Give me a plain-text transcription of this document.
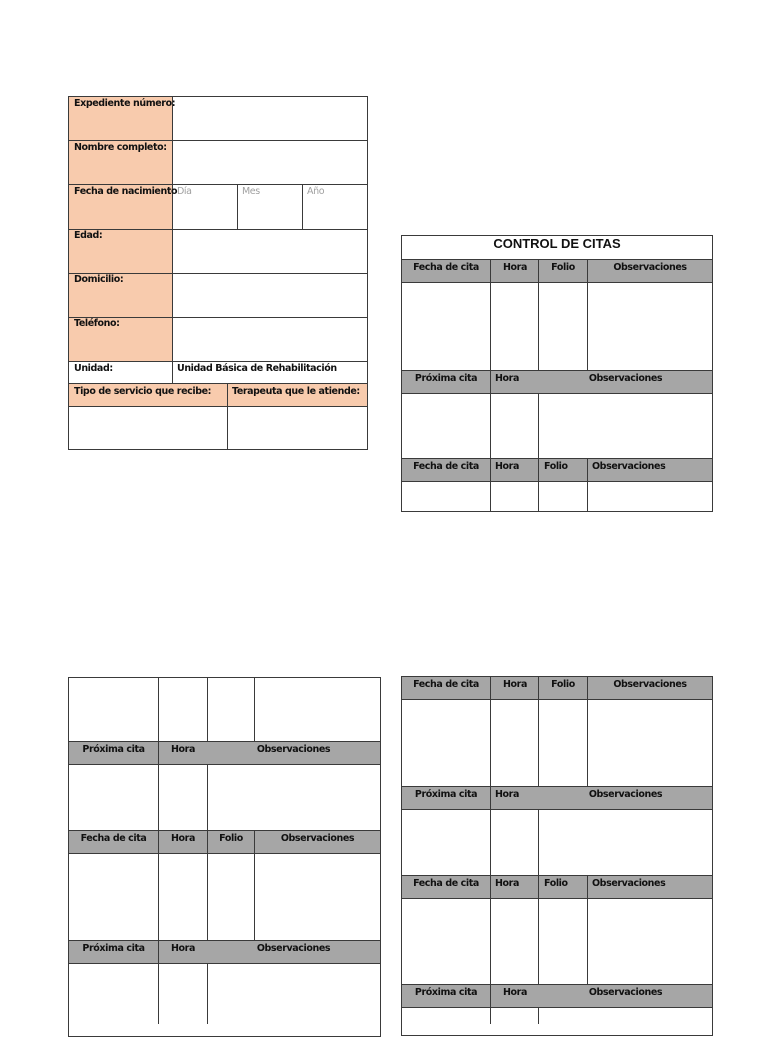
Expediente número:
Nombre completo:
Fecha de nacimiento Día	Mes	Año
Edad:
Domicilio:
Teléfono:
Unidad:	Unidad Básica de Rehabilitación
Tipo de servicio que recibe: Terapeuta que le atiende:
CONTROL DE CITAS
Fecha de cita	Hora	Folio	Observaciones
Próxima cita	Hora	Observaciones
Fecha de cita	Hora	Folio	Observaciones
Próxima cita	Hora	Observaciones
Fecha de cita	Hora	Folio	Observaciones
Próxima cita	Hora	Observaciones
Fecha de cita	Hora	Folio	Observaciones
Próxima cita	Hora	Observaciones
Fecha de cita	Hora	Folio	Observaciones
Próxima cita	Hora	Observaciones
